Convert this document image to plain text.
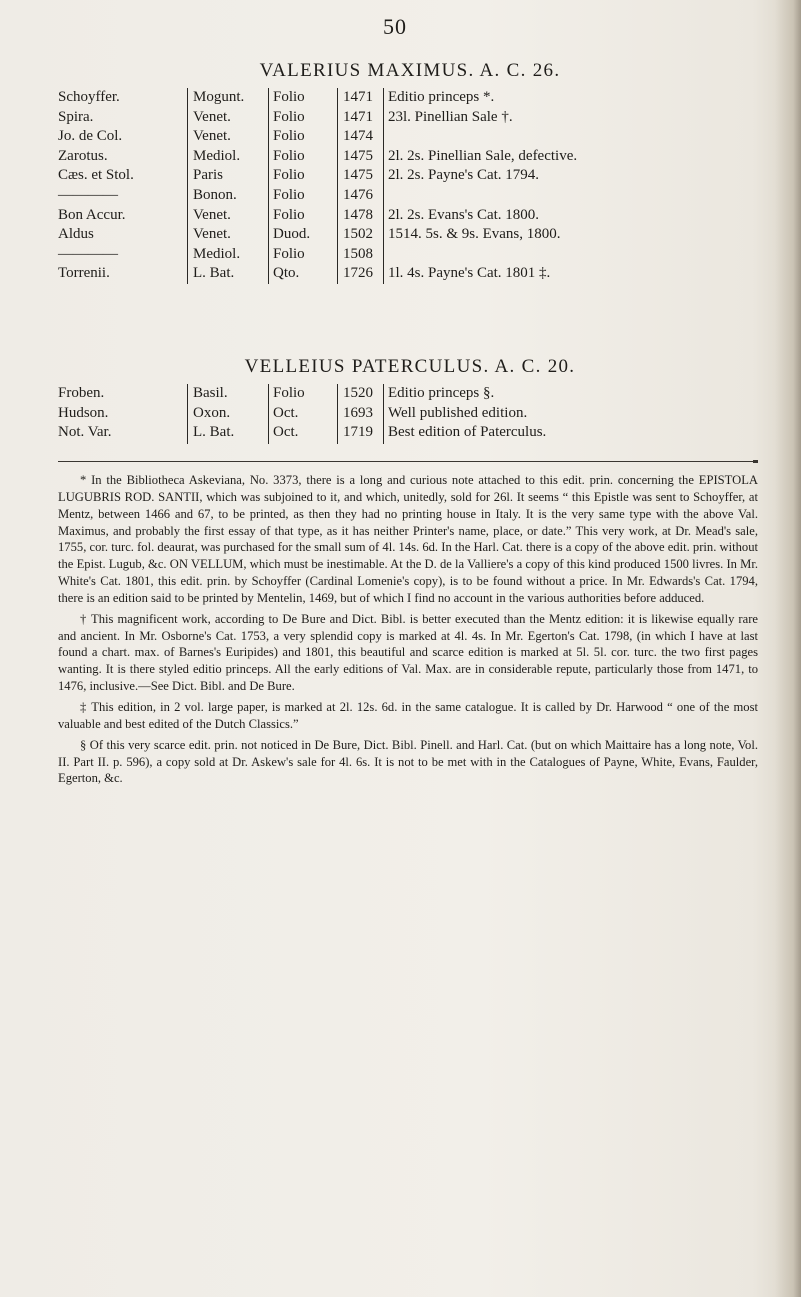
50
VALERIUS MAXIMUS. A. C. 26.
Schoyffer.	Mogunt. Folio	1471 Editio princeps *.
Spira.	Venet.	Folio	1471 23l. Pinellian Sale †.
Jo. de Col.	Venet.	Folio	1474
Zarotus.	Mediol. Folio	1475 2l. 2s. Pinellian Sale, defective.
Cæs. et Stol.	Paris	Folio	1475 2l. 2s. Payne's Cat. 1794.
————	Bonon. Folio	1476
Bon Accur.	Venet.	Folio	1478 2l. 2s. Evans's Cat. 1800.
Aldus	Venet.	Duod. 1502 1514. 5s. & 9s. Evans, 1800.
————	Mediol. Folio	1508
Torrenii.	L. Bat.	Qto.	1726 1l. 4s. Payne's Cat. 1801 ‡.
VELLEIUS PATERCULUS. A. C. 20.
Froben.	Basil.	Folio	1520 Editio princeps §.
Hudson.	Oxon.	Oct.	1693 Well published edition.
Not. Var.	L. Bat.	Oct.	1719 Best edition of Paterculus.

* In the Bibliotheca Askeviana, No. 3373, there is a long and curious note attached to this edit. prin. concerning the EPISTOLA LUGUBRIS ROD. SANTII, which was subjoined to it, and which, unitedly, sold for 26l. It seems “ this Epistle was sent to Schoyffer, at Mentz, between 1466 and 67, to be printed, as then they had no printing house in Italy. It is the very same type with the above Val. Maximus, and probably the first essay of that type, as it has neither Printer's name, place, or date.” This very work, at Dr. Mead's sale, 1755, cor. turc. fol. deaurat, was purchased for the small sum of 4l. 14s. 6d. In the Harl. Cat. there is a copy of the above edit. prin. without the Epist. Lugub, &c. ON VELLUM, which must be inestimable. At the D. de la Valliere's a copy of this kind produced 1500 livres. In Mr. White's Cat. 1801, this edit. prin. by Schoyffer (Cardinal Lomenie's copy), is to be found without a price. In Mr. Edwards's Cat. 1794, there is an edition said to be printed by Mentelin, 1469, but of which I find no account in the various authorities before adduced.

† This magnificent work, according to De Bure and Dict. Bibl. is better executed than the Mentz edition: it is likewise equally rare and ancient. In Mr. Osborne's Cat. 1753, a very splendid copy is marked at 4l. 4s. In Mr. Egerton's Cat. 1798, (in which I have at last found a chart. max. of Barnes's Euripides) and 1801, this beautiful and scarce edition is marked at 5l. 5l. cor. turc. the two first pages wanting. It is there styled editio princeps. All the early editions of Val. Max. are in considerable repute, particularly those from 1471, to 1476, inclusive.—See Dict. Bibl. and De Bure.

‡ This edition, in 2 vol. large paper, is marked at 2l. 12s. 6d. in the same catalogue. It is called by Dr. Harwood “ one of the most valuable and best edited of the Dutch Classics.”

§ Of this very scarce edit. prin. not noticed in De Bure, Dict. Bibl. Pinell. and Harl. Cat. (but on which Maittaire has a long note, Vol. II. Part II. p. 596), a copy sold at Dr. Askew's sale for 4l. 6s. It is not to be met with in the Catalogues of Payne, White, Evans, Faulder, Egerton, &c.
